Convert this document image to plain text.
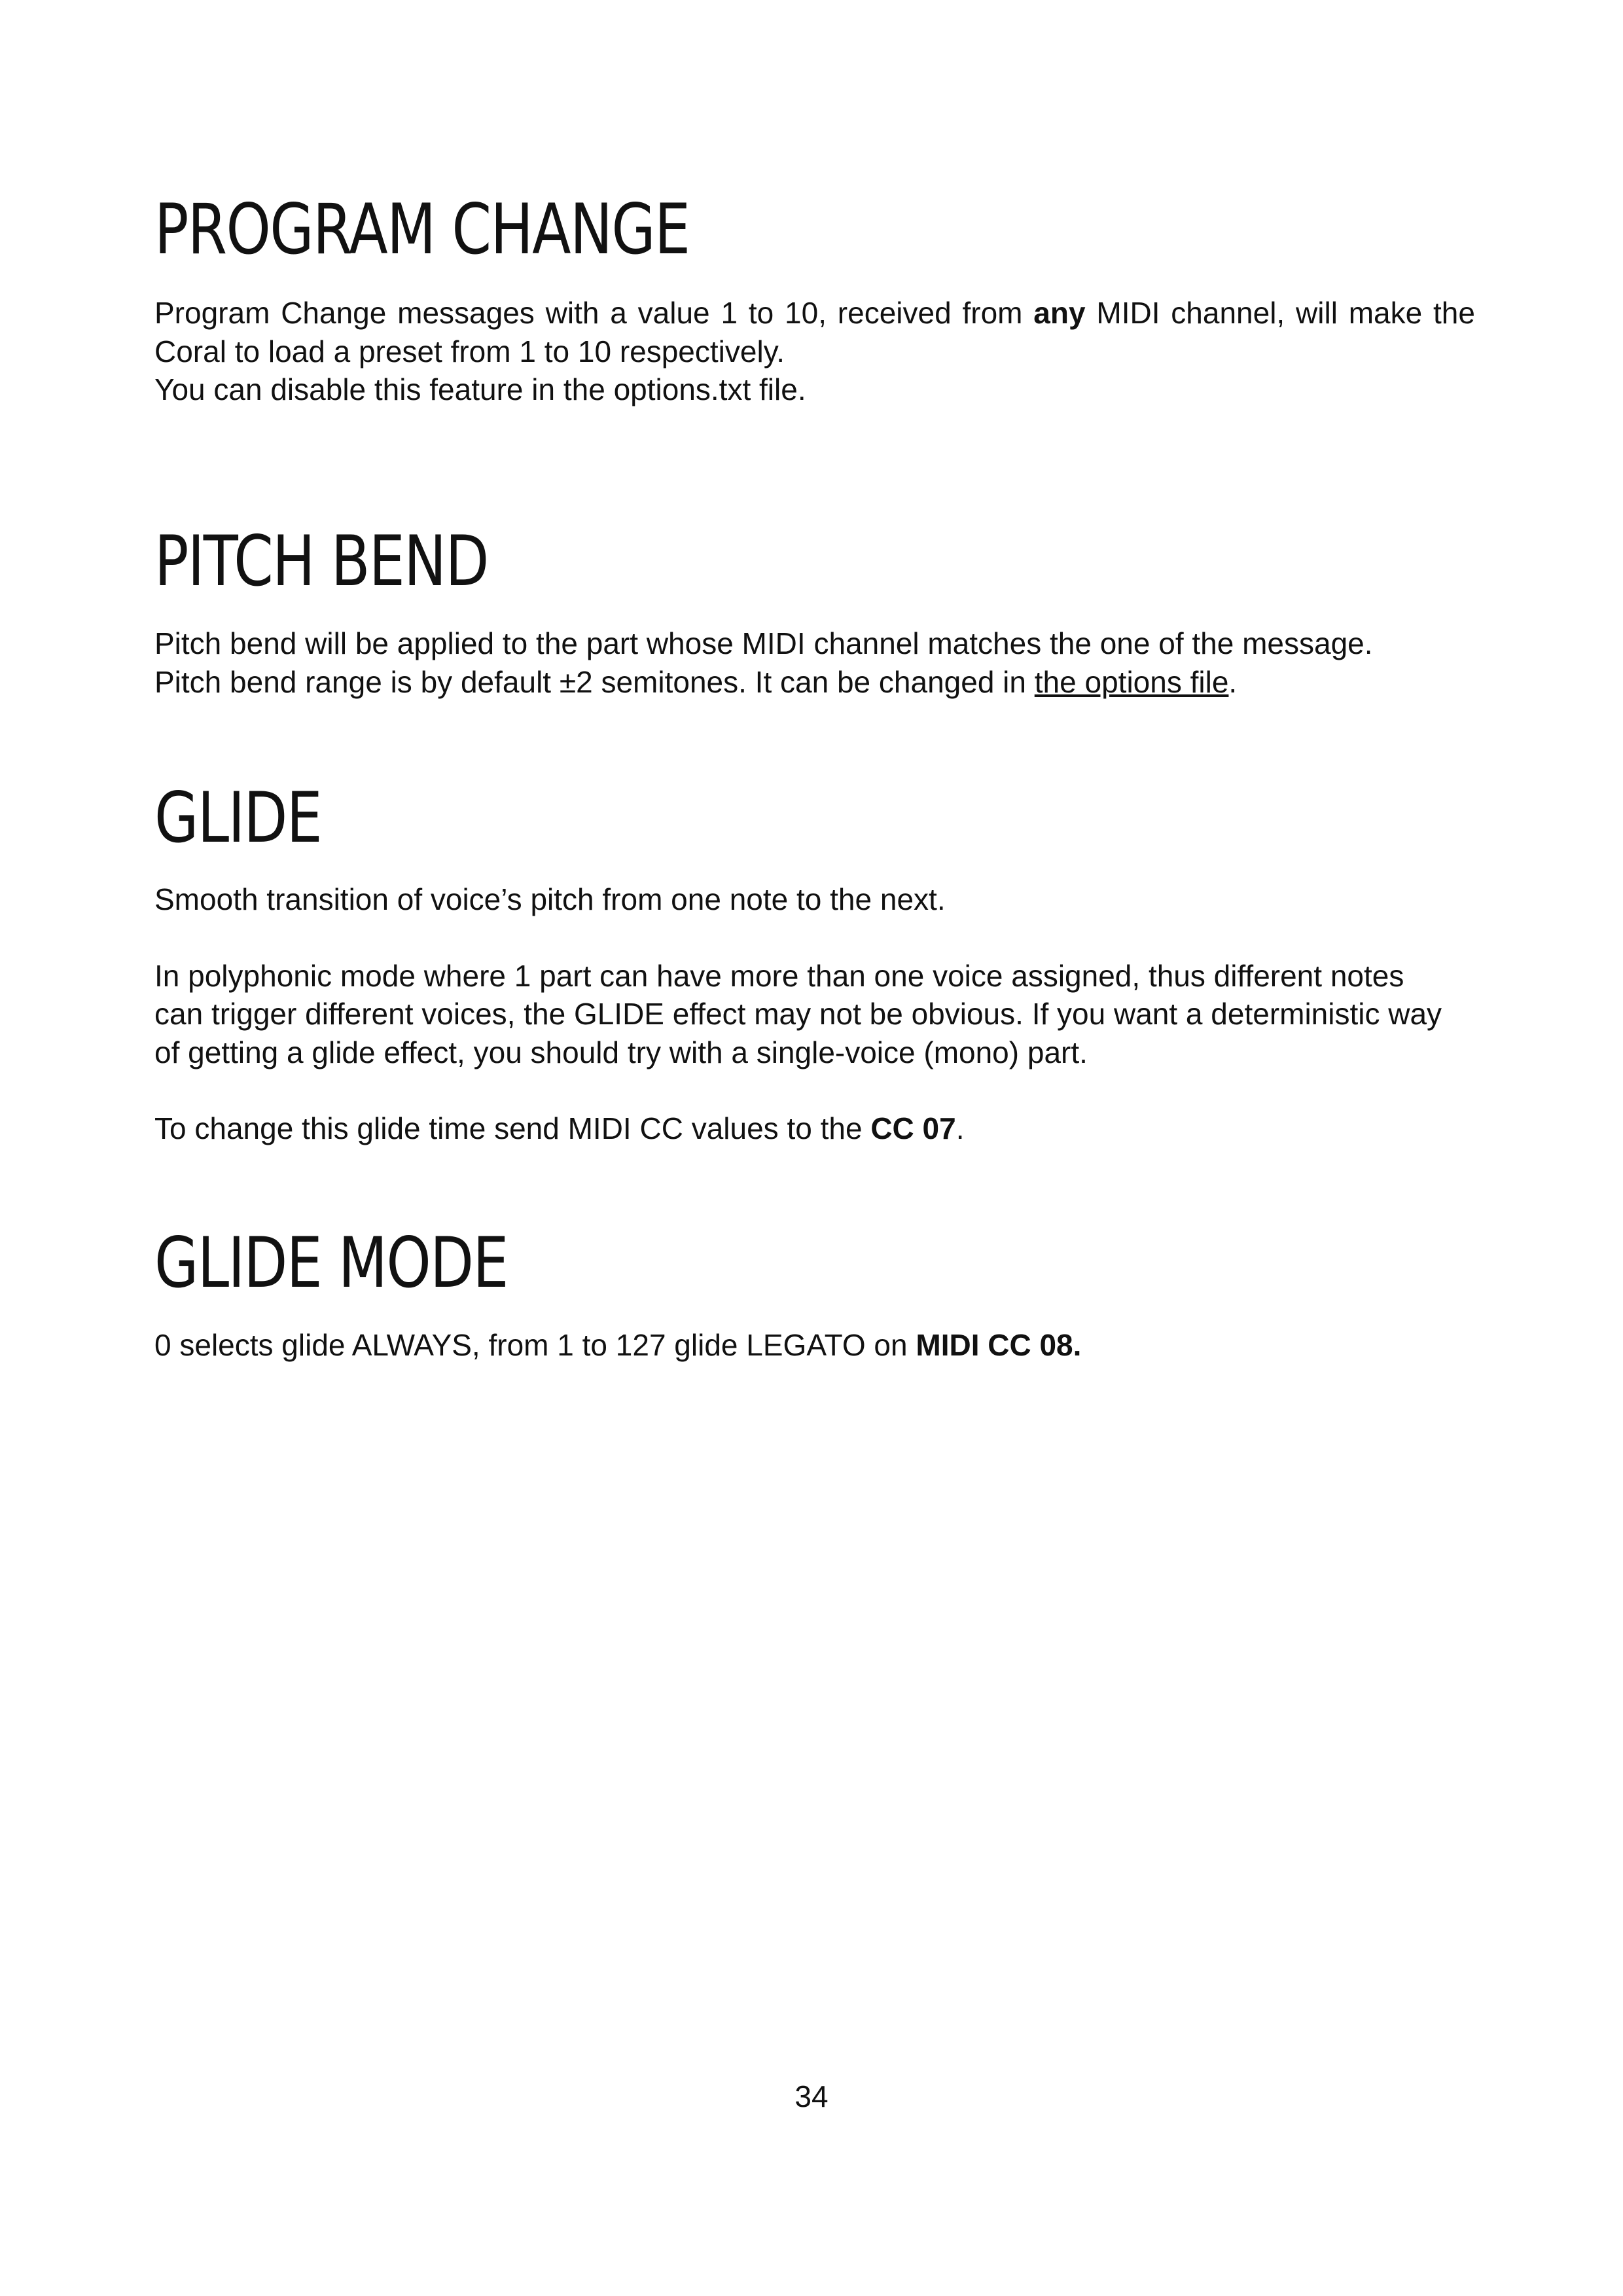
PROGRAM CHANGE

Program Change messages with a value 1 to 10, received from any MIDI channel, will make the

Coral to load a preset from 1 to 10 respectively.

You can disable this feature in the options.txt file.

PITCH BEND

Pitch bend will be applied to the part whose MIDI channel matches the one of the message.

Pitch bend range is by default ±2 semitones. It can be changed in the options file.

GLIDE

Smooth transition of voice’s pitch from one note to the next.

In polyphonic mode where 1 part can have more than one voice assigned, thus different notes

can trigger different voices, the GLIDE effect may not be obvious. If you want a deterministic way

of getting a glide effect, you should try with a single-voice (mono) part.

To change this glide time send MIDI CC values to the CC 07.

GLIDE MODE

0 selects glide ALWAYS, from 1 to 127 glide LEGATO on MIDI CC 08.

34
